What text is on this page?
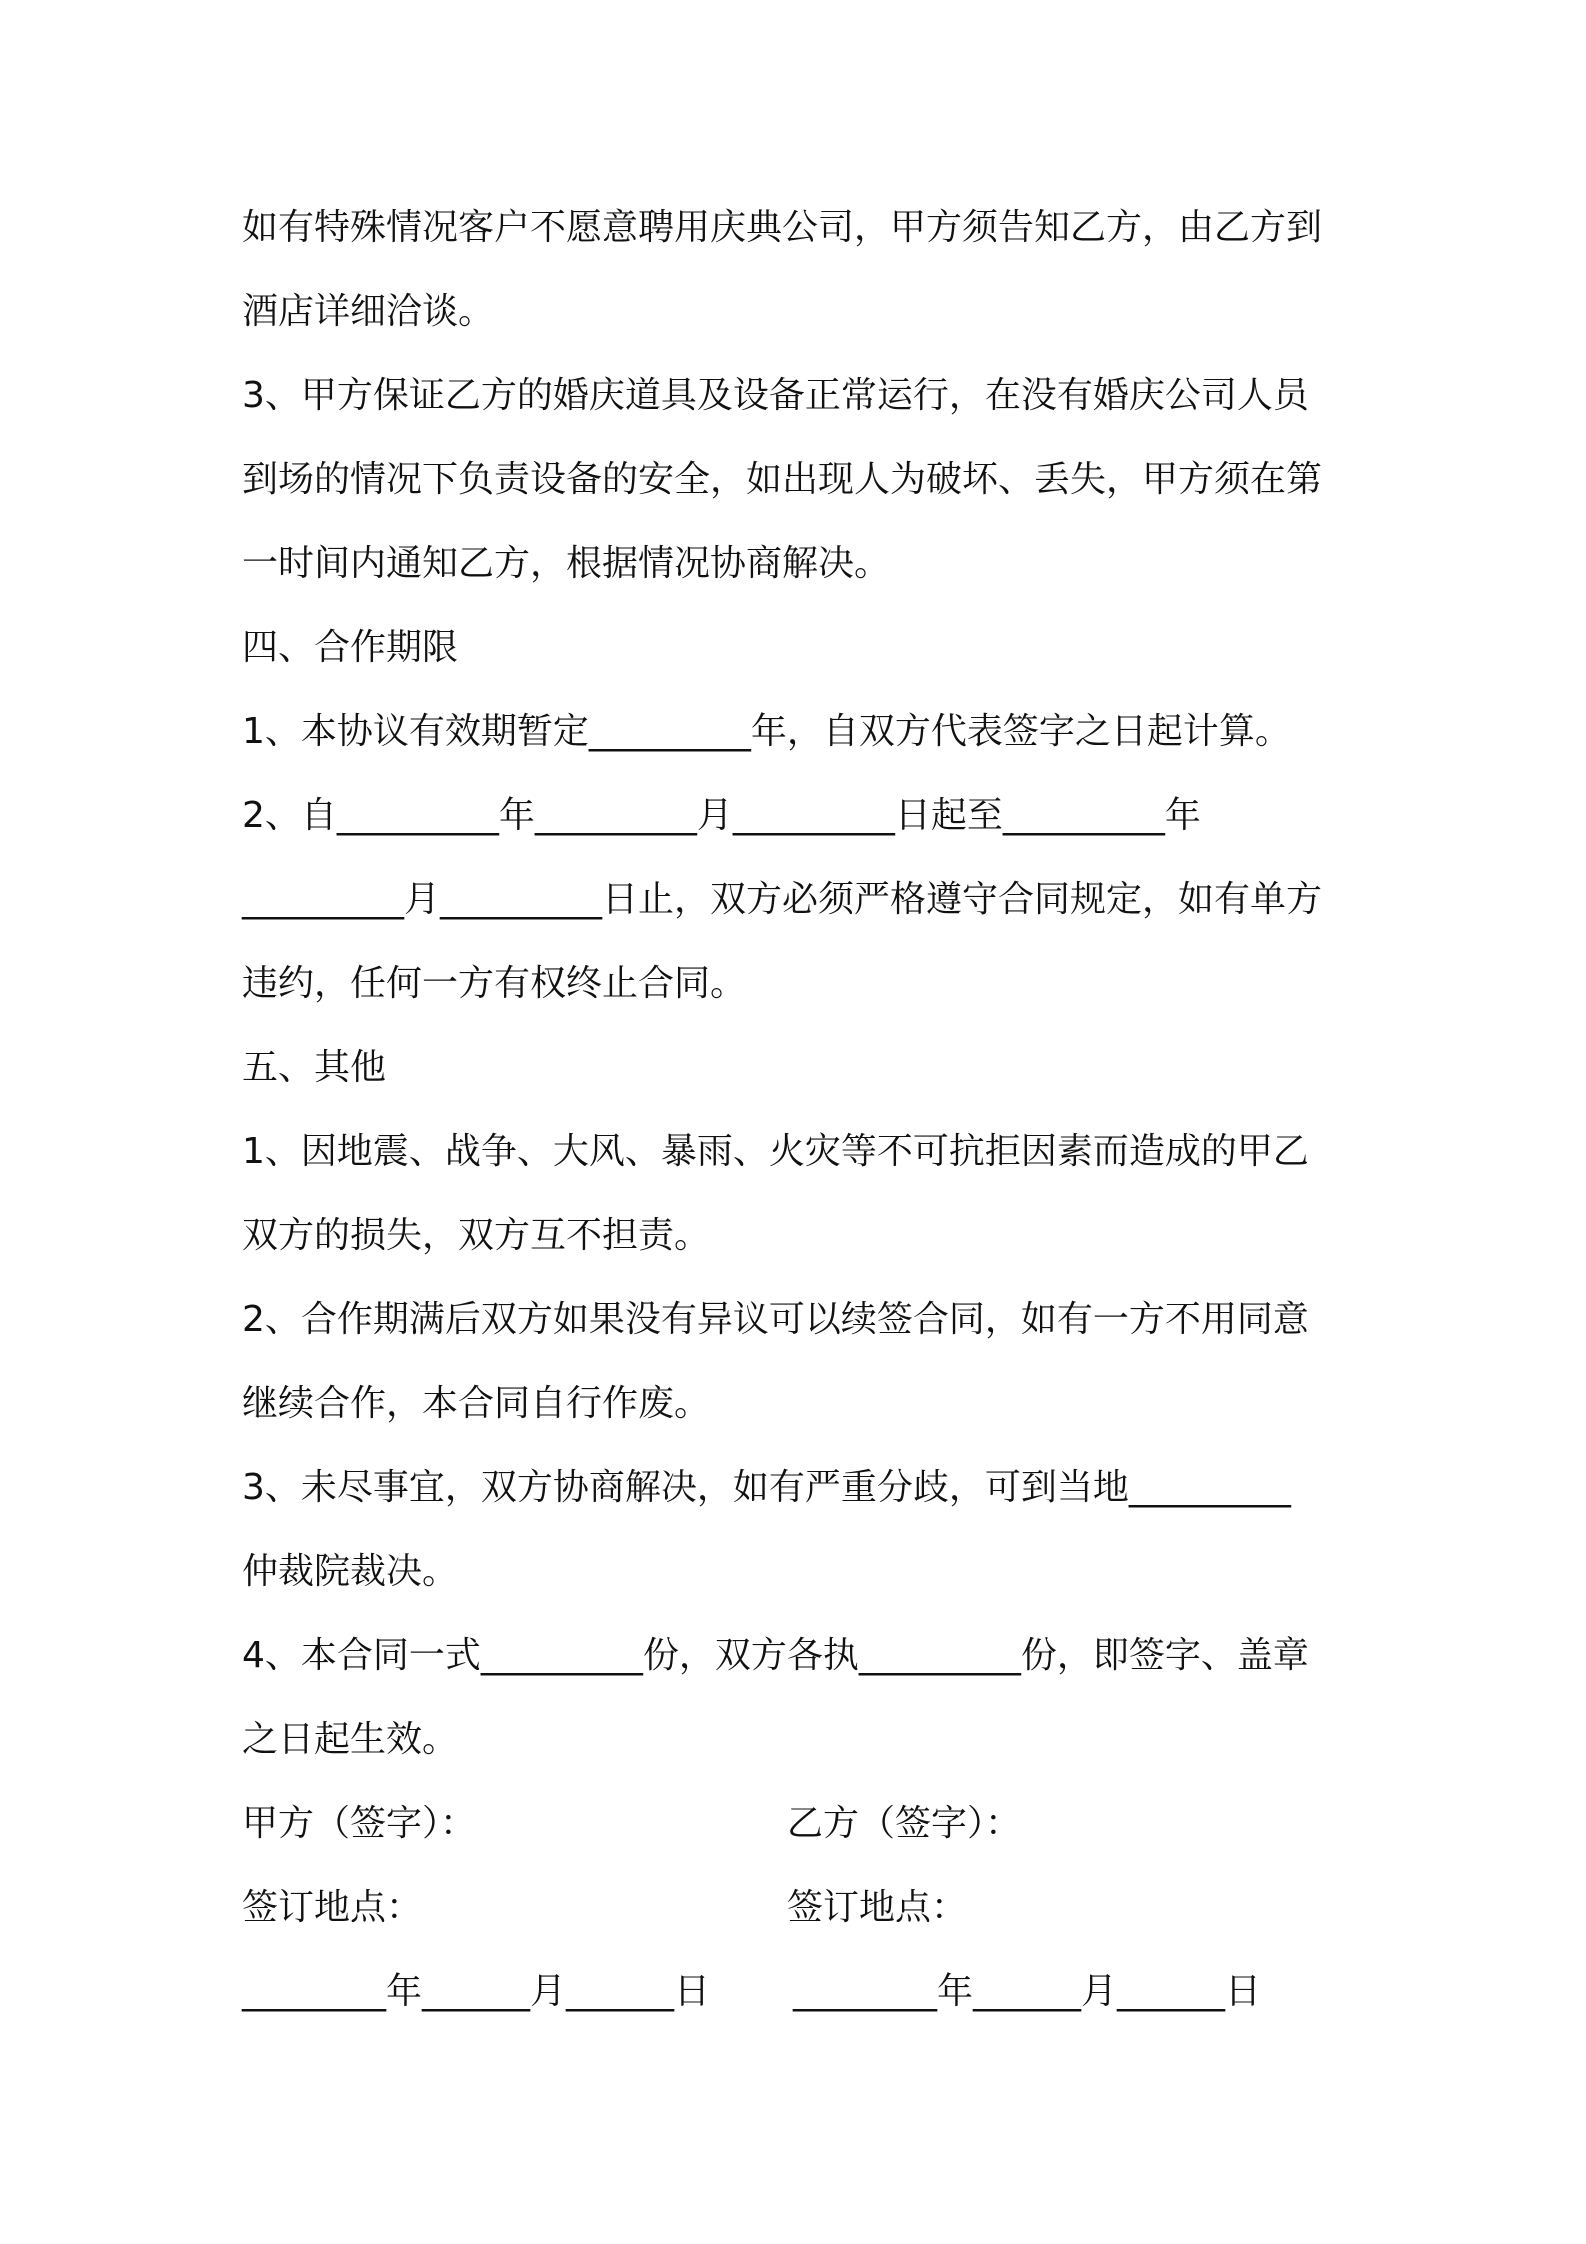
如有特殊情况客户不愿意聘用庆典公司，甲方须告知乙方，由乙方到
酒店详细洽谈。
3、甲方保证乙方的婚庆道具及设备正常运行，在没有婚庆公司人员
到场的情况下负责设备的安全，如出现人为破坏、丢失，甲方须在第
一时间内通知乙方，根据情况协商解决。
四、合作期限
1、本协议有效期暂定_________年，自双方代表签字之日起计算。
2、自_________年_________月_________日起至_________年
_________月_________日止，双方必须严格遵守合同规定，如有单方
违约，任何一方有权终止合同。
五、其他
1、因地震、战争、大风、暴雨、火灾等不可抗拒因素而造成的甲乙
双方的损失，双方互不担责。
2、合作期满后双方如果没有异议可以续签合同，如有一方不用同意
继续合作，本合同自行作废。
3、未尽事宜，双方协商解决，如有严重分歧，可到当地_________
仲裁院裁决。
4、本合同一式_________份，双方各执_________份，即签字、盖章
之日起生效。
甲方（签字）：	乙方（签字）：
签订地点：	签订地点：
________年______月______日	________年______月______日
